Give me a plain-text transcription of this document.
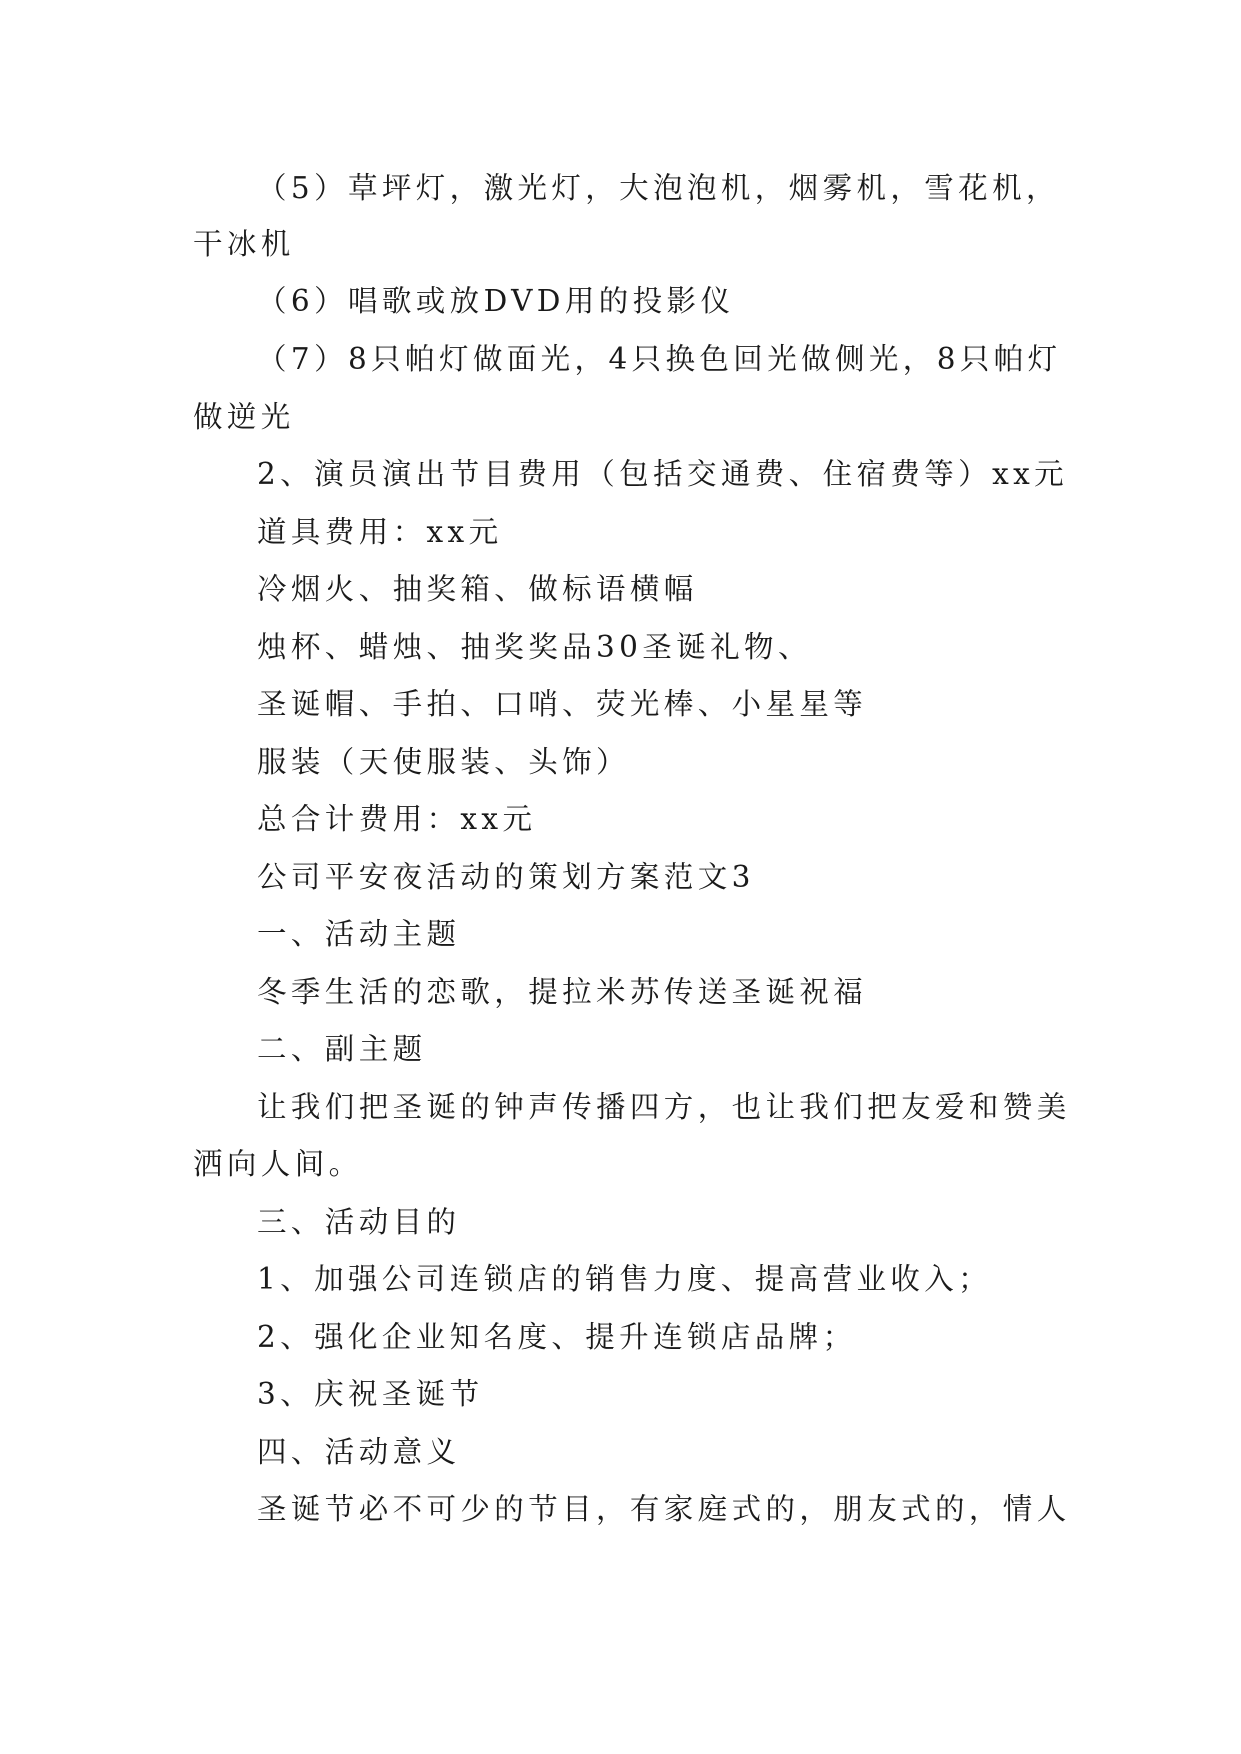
（5）草坪灯，激光灯，大泡泡机，烟雾机，雪花机，
干冰机
（6）唱歌或放DVD用的投影仪
（7）8只帕灯做面光，4只换色回光做侧光，8只帕灯
做逆光
2、演员演出节目费用（包括交通费、住宿费等）xx元
道具费用：xx元
冷烟火、抽奖箱、做标语横幅
烛杯、蜡烛、抽奖奖品30圣诞礼物、
圣诞帽、手拍、口哨、荧光棒、小星星等
服装（天使服装、头饰）
总合计费用：xx元
公司平安夜活动的策划方案范文3
一、活动主题
冬季生活的恋歌，提拉米苏传送圣诞祝福
二、副主题
让我们把圣诞的钟声传播四方，也让我们把友爱和赞美
洒向人间。
三、活动目的
1、加强公司连锁店的销售力度、提高营业收入；
2、强化企业知名度、提升连锁店品牌；
3、庆祝圣诞节
四、活动意义
圣诞节必不可少的节目，有家庭式的，朋友式的，情人
